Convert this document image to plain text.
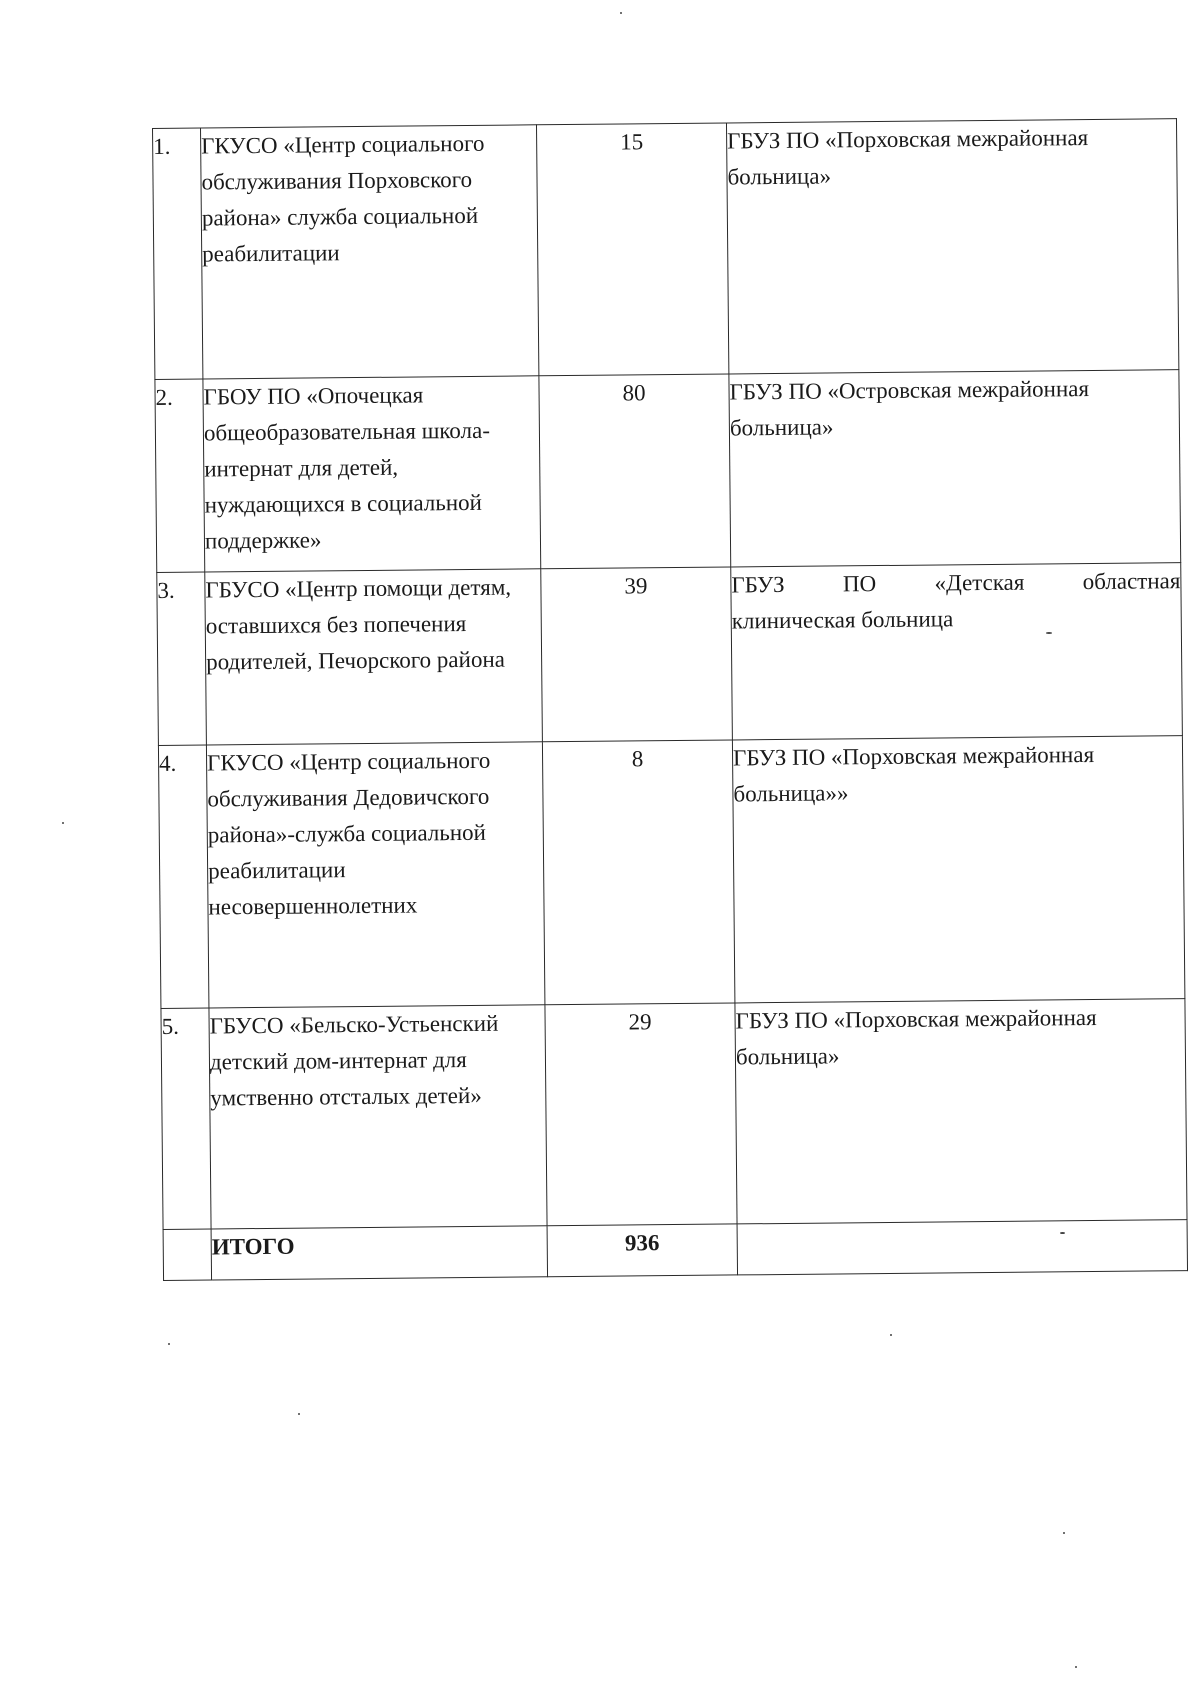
1.	ГКУСО «Центр социального обслуживания Порховского района» служба социальной реабилитации	15	ГБУЗ ПО «Порховская межрайонная больница»
2.	ГБОУ ПО «Опочецкая общеобразовательная школа-интернат для детей, нуждающихся в социальной поддержке»	80	ГБУЗ ПО «Островская межрайонная больница»
3.	ГБУСО «Центр помощи детям, оставшихся без попечения родителей, Печорского района	39	ГБУЗ ПО «Детская областная
клиническая больница
4.	ГКУСО «Центр социального обслуживания Дедовичского района»-служба социальной реабилитации несовершеннолетних	8	ГБУЗ ПО «Порховская межрайонная больница»»
5.	ГБУСО «Бельско-Устьенский детский дом-интернат для умственно отсталых детей»	29	ГБУЗ ПО «Порховская межрайонная больница»
	ИТОГО	936	
